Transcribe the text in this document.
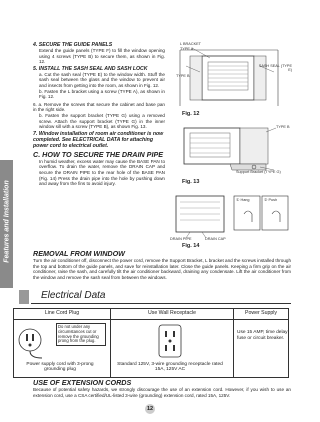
Features and Installation
4. SECURE THE GUIDE PANELS
Extend the guide panels (TYPE F) to fill the window opening using 4 screws (TYPE B) to secure them, as shown in Fig. 12.
5. INSTALL THE SASH SEAL AND SASH LOCK
a. Cut the sash seal (TYPE E) to the window width. Stuff the sash seal between the glass and the window to prevent air and insects from getting into the room, as shown in Fig. 12.
b. Fasten the L bracket using a screw (TYPE A), as shown in Fig. 12.
6. a. Remove the screws that secure the cabinet and base pan in the right side.
b. Fasten the support bracket (TYPE G) using a removed screw. Attach the support bracket (TYPE G) in the inner window sill with a screw (TYPE B), as shown Fig. 13.
7. Window installation of room air conditioner is now completed. See ELECTRICAL DATA for attaching power cord to electrical outlet.
C. HOW TO SECURE THE DRAIN PIPE
In humid weather, excess water may cause the BASE PAN to overflow. To drain the water, remove the DRAIN CAP and secure the DRAIN PIPE to the rear hole of the BASE PAN (Fig. 14) Press the drain pipe into the hole by pushing down and away from the fins to avoid injury.
L BRACKET
TYPE A
TYPE B
SASH SEAL (TYPE E)
Fig. 12
TYPE B
Support Bracket (TYPE G)
Fig. 13
① Hang	② Push
DRAIN PIPE	DRAIN CAP
Fig. 14
REMOVAL FROM WINDOW
Turn the air conditioner off, disconnect the power cord, remove the Support Bracket, L bracket and the screws installed through the top and bottom of the guide panels, and save for reinstallation later. Close the guide panels. Keeping a firm grip on the air conditioner, raise the sash, and carefully tilt the air conditioner backward, draining any condensate. Lift the air conditioner from the window and remove the sash seal from between the windows.
Electrical Data
Line Cord Plug	Use Wall Receptacle	Power Supply

Do not under any circumstances cut or remove the grounding prong from the plug.
Power supply cord with 3-prong grounding plug	Standard 125V, 3-wire grounding receptacle rated 15A, 125V AC	Use 15 AMP, time delay fuse or circuit breaker.
USE OF EXTENSION CORDS
Because of potential safety hazards, we strongly discourage the use of an extension cord. However, if you wish to use an extension cord, use a CSA certified/UL-listed 3-wire (grounding) extension cord, rated 15A, 125V.
12
